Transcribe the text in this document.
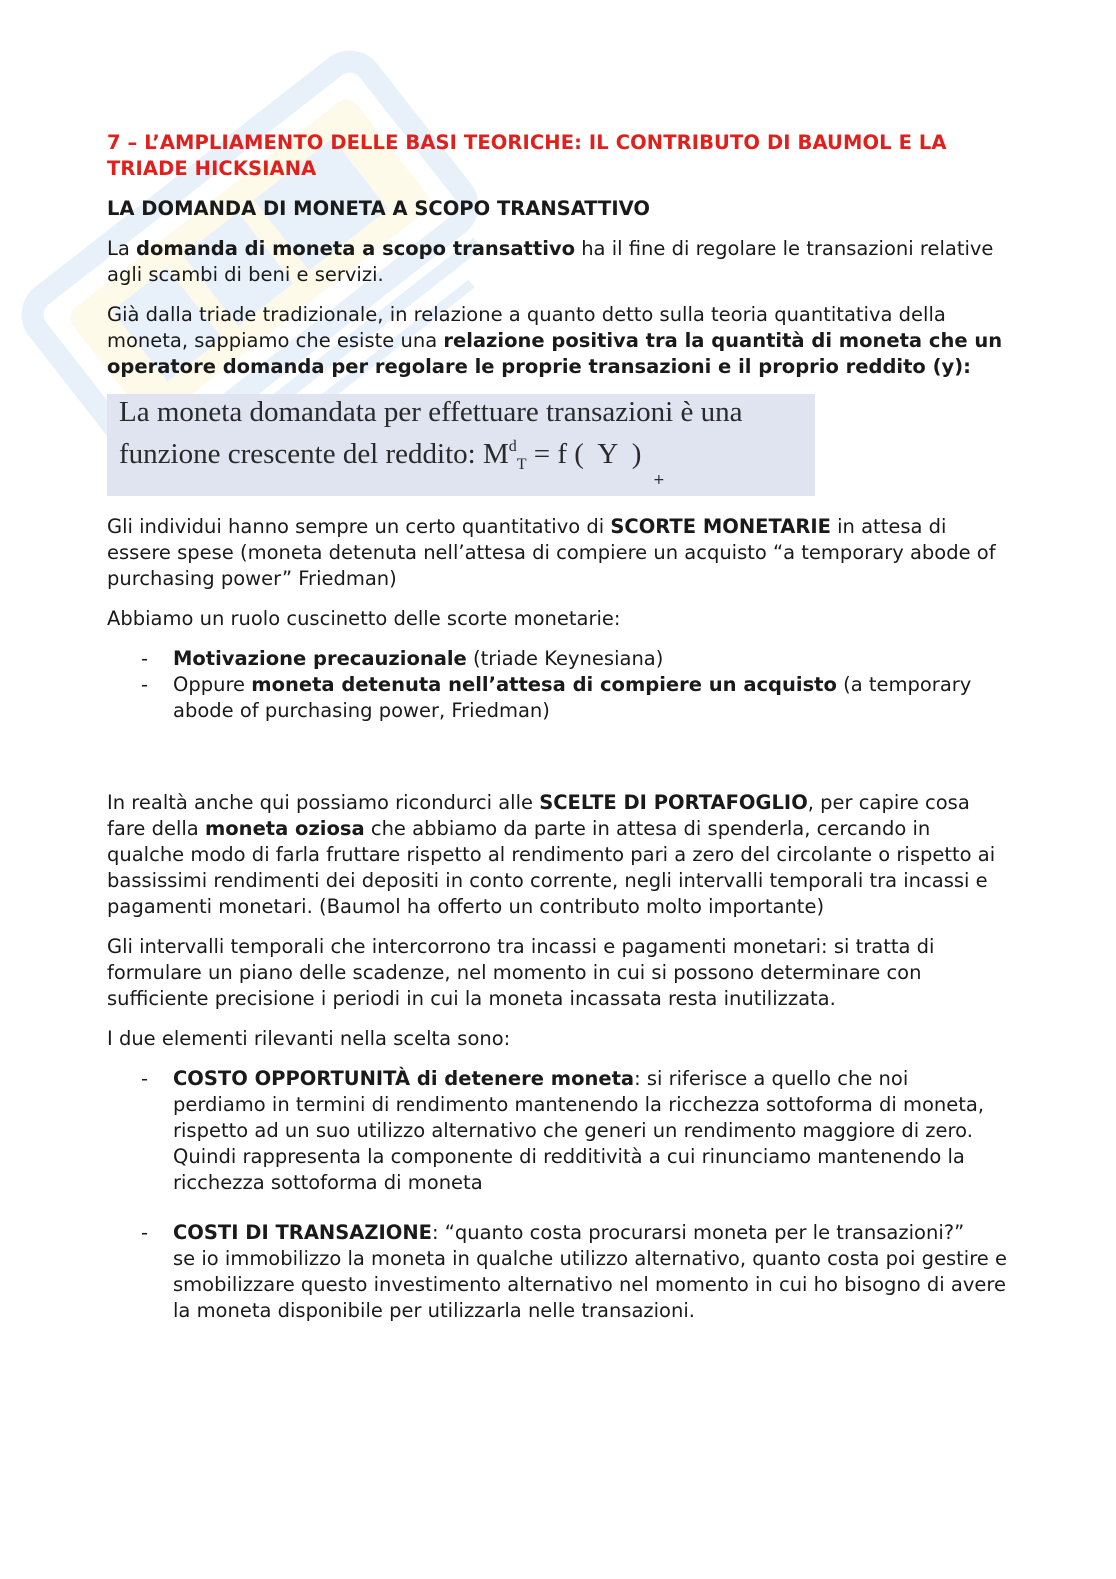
7 – L’AMPLIAMENTO DELLE BASI TEORICHE: IL CONTRIBUTO DI BAUMOL E LA TRIADE HICKSIANA
LA DOMANDA DI MONETA A SCOPO TRANSATTIVO

La domanda di moneta a scopo transattivo ha il fine di regolare le transazioni relative agli scambi di beni e servizi.

Già dalla triade tradizionale, in relazione a quanto detto sulla teoria quantitativa della moneta, sappiamo che esiste una relazione positiva tra la quantità di moneta che un operatore domanda per regolare le proprie transazioni e il proprio reddito (y):

La moneta domandata per effettuare transazioni è una
funzione crescente del reddito: $M^d_T = f$ (  Y  )
+

Gli individui hanno sempre un certo quantitativo di SCORTE MONETARIE in attesa di essere spese (moneta detenuta nell’attesa di compiere un acquisto “a temporary abode of purchasing power” Friedman)

Abbiamo un ruolo cuscinetto delle scorte monetarie:

- Motivazione precauzionale (triade Keynesiana)
- Oppure moneta detenuta nell’attesa di compiere un acquisto (a temporary abode of purchasing power, Friedman)

In realtà anche qui possiamo ricondurci alle SCELTE DI PORTAFOGLIO, per capire cosa fare della moneta oziosa che abbiamo da parte in attesa di spenderla, cercando in qualche modo di farla fruttare rispetto al rendimento pari a zero del circolante o rispetto ai bassissimi rendimenti dei depositi in conto corrente, negli intervalli temporali tra incassi e pagamenti monetari. (Baumol ha offerto un contributo molto importante)

Gli intervalli temporali che intercorrono tra incassi e pagamenti monetari: si tratta di formulare un piano delle scadenze, nel momento in cui si possono determinare con sufficiente precisione i periodi in cui la moneta incassata resta inutilizzata.

I due elementi rilevanti nella scelta sono:

- COSTO OPPORTUNITÀ di detenere moneta: si riferisce a quello che noi perdiamo in termini di rendimento mantenendo la ricchezza sottoforma di moneta, rispetto ad un suo utilizzo alternativo che generi un rendimento maggiore di zero.
Quindi rappresenta la componente di redditività a cui rinunciamo mantenendo la ricchezza sottoforma di moneta
- COSTI DI TRANSAZIONE: “quanto costa procurarsi moneta per le transazioni?”
se io immobilizzo la moneta in qualche utilizzo alternativo, quanto costa poi gestire e smobilizzare questo investimento alternativo nel momento in cui ho bisogno di avere la moneta disponibile per utilizzarla nelle transazioni.
